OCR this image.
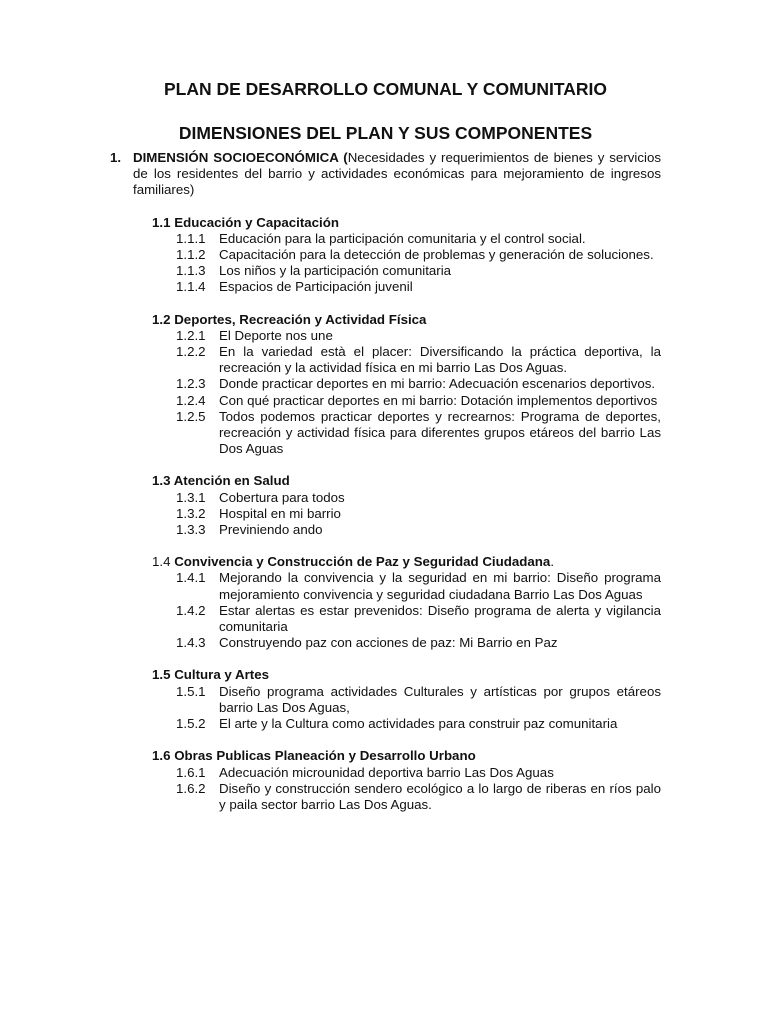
PLAN DE DESARROLLO COMUNAL Y COMUNITARIO
DIMENSIONES DEL PLAN Y SUS COMPONENTES
1. DIMENSIÓN SOCIOECONÓMICA (Necesidades y requerimientos de bienes y servicios de los residentes del barrio y actividades económicas para mejoramiento de ingresos familiares)
1.1 Educación y Capacitación
1.1.1 Educación para la participación comunitaria y el control social.
1.1.2 Capacitación para la detección de problemas y generación de soluciones.
1.1.3 Los niños y la participación comunitaria
1.1.4 Espacios de Participación juvenil
1.2 Deportes, Recreación y Actividad Física
1.2.1 El Deporte nos une
1.2.2 En la variedad està el placer: Diversificando la práctica deportiva, la recreación y la actividad física en mi barrio Las Dos Aguas.
1.2.3 Donde practicar deportes en mi barrio: Adecuación escenarios deportivos.
1.2.4 Con qué practicar deportes en mi barrio: Dotación implementos deportivos
1.2.5 Todos podemos practicar deportes y recrearnos: Programa de deportes, recreación y actividad física para diferentes grupos etáreos del barrio Las Dos Aguas
1.3 Atención en Salud
1.3.1 Cobertura para todos
1.3.2 Hospital en mi barrio
1.3.3 Previniendo ando
1.4 Convivencia y Construcción de Paz y Seguridad Ciudadana.
1.4.1 Mejorando la convivencia y la seguridad en mi barrio: Diseño programa mejoramiento convivencia y seguridad ciudadana Barrio Las Dos Aguas
1.4.2 Estar alertas es estar prevenidos: Diseño programa de alerta y vigilancia comunitaria
1.4.3 Construyendo paz con acciones de paz: Mi Barrio en Paz
1.5 Cultura y Artes
1.5.1 Diseño programa actividades Culturales y artísticas por grupos etáreos barrio Las Dos Aguas,
1.5.2 El arte y la Cultura como actividades para construir paz comunitaria
1.6 Obras Publicas Planeación y Desarrollo Urbano
1.6.1 Adecuación microunidad deportiva barrio Las Dos Aguas
1.6.2 Diseño y construcción sendero ecológico a lo largo de riberas en ríos palo y paila sector barrio Las Dos Aguas.
